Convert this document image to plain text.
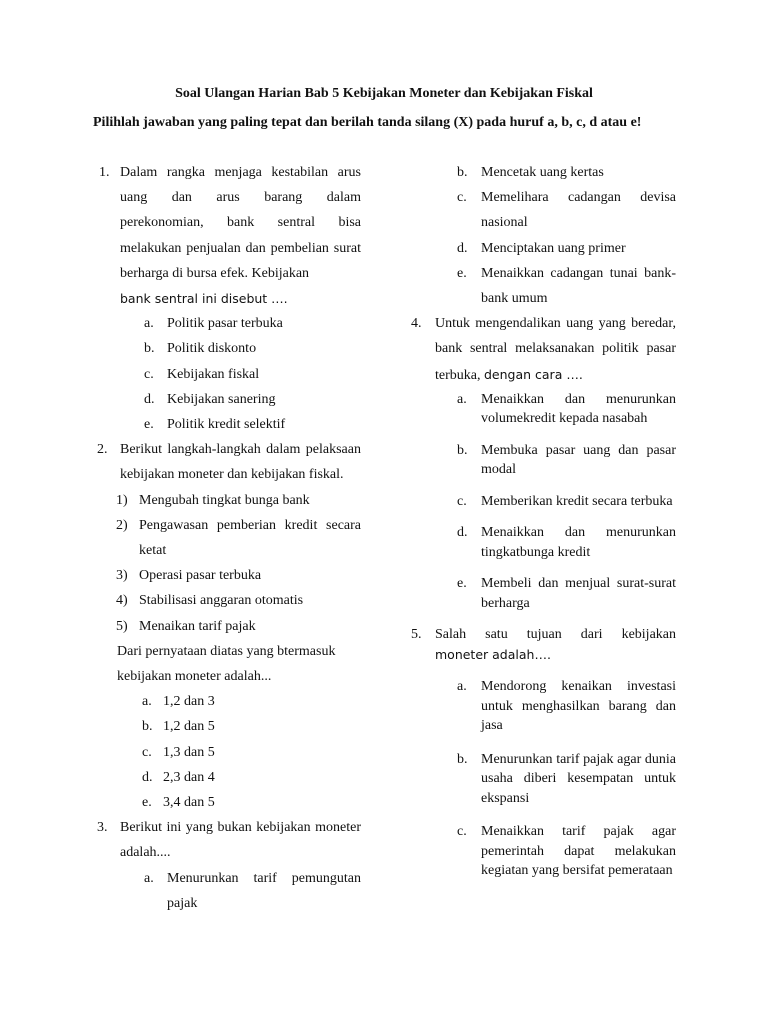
Soal Ulangan Harian Bab 5 Kebijakan Moneter dan Kebijakan Fiskal
Pilihlah jawaban yang paling tepat dan berilah tanda silang (X) pada huruf a, b, c, d atau e!
1. Dalam rangka menjaga kestabilan arus uang dan arus barang dalam perekonomian, bank sentral bisa melakukan penjualan dan pembelian surat berharga di bursa efek. Kebijakan
bank sentral ini disebut ….
a. Politik pasar terbuka
b. Politik diskonto
c. Kebijakan fiskal
d. Kebijakan sanering
e. Politik kredit selektif
2. Berikut langkah-langkah dalam pelaksaan kebijakan moneter dan kebijakan fiskal.
1) Mengubah tingkat bunga bank
2) Pengawasan pemberian kredit secara ketat
3) Operasi pasar terbuka
4) Stabilisasi anggaran otomatis
5) Menaikan tarif pajak
Dari pernyataan diatas yang btermasuk kebijakan moneter adalah...
a. 1,2 dan 3
b. 1,2 dan 5
c. 1,3 dan 5
d. 2,3 dan 4
e. 3,4 dan 5
3. Berikut ini yang bukan kebijakan moneter adalah....
a. Menurunkan tarif pemungutan pajak
b. Mencetak uang kertas
c. Memelihara cadangan devisa nasional
d. Menciptakan uang primer
e. Menaikkan cadangan tunai bank-bank umum
4. Untuk mengendalikan uang yang beredar, bank sentral melaksanakan politik pasar terbuka, dengan cara ….
a. Menaikkan dan menurunkan volumekredit kepada nasabah
b. Membuka pasar uang dan pasar modal
c. Memberikan kredit secara terbuka
d. Menaikkan dan menurunkan tingkatbunga kredit
e. Membeli dan menjual surat-surat berharga
5. Salah satu tujuan dari kebijakan
moneter adalah….
a. Mendorong kenaikan investasi untuk menghasilkan barang dan jasa
b. Menurunkan tarif pajak agar dunia usaha diberi kesempatan untuk ekspansi
c. Menaikkan tarif pajak agar pemerintah dapat melakukan kegiatan yang bersifat pemerataan
